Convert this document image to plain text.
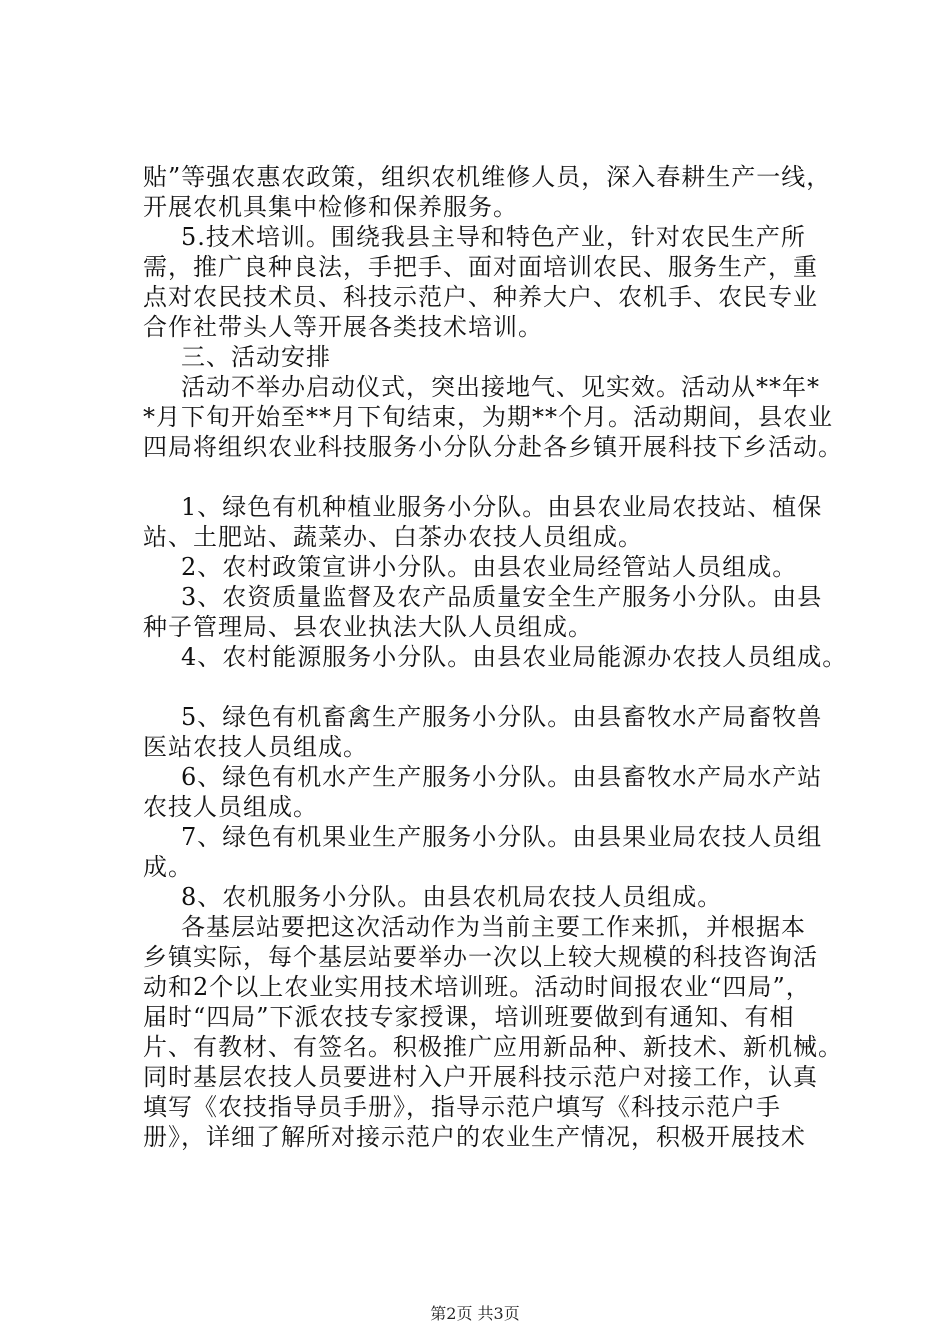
贴”等强农惠农政策，组织农机维修人员，深入春耕生产一线，
开展农机具集中检修和保养服务。
5.技术培训。围绕我县主导和特色产业，针对农民生产所
需，推广良种良法，手把手、面对面培训农民、服务生产，重
点对农民技术员、科技示范户、种养大户、农机手、农民专业
合作社带头人等开展各类技术培训。
三、活动安排
活动不举办启动仪式，突出接地气、见实效。活动从**年*
*月下旬开始至**月下旬结束，为期**个月。活动期间，县农业
四局将组织农业科技服务小分队分赴各乡镇开展科技下乡活动。
1、绿色有机种植业服务小分队。由县农业局农技站、植保
站、土肥站、蔬菜办、白茶办农技人员组成。
2、农村政策宣讲小分队。由县农业局经管站人员组成。
3、农资质量监督及农产品质量安全生产服务小分队。由县
种子管理局、县农业执法大队人员组成。
4、农村能源服务小分队。由县农业局能源办农技人员组成。
5、绿色有机畜禽生产服务小分队。由县畜牧水产局畜牧兽
医站农技人员组成。
6、绿色有机水产生产服务小分队。由县畜牧水产局水产站
农技人员组成。
7、绿色有机果业生产服务小分队。由县果业局农技人员组
成。
8、农机服务小分队。由县农机局农技人员组成。
各基层站要把这次活动作为当前主要工作来抓，并根据本
乡镇实际，每个基层站要举办一次以上较大规模的科技咨询活
动和2个以上农业实用技术培训班。活动时间报农业“四局”，
届时“四局”下派农技专家授课，培训班要做到有通知、有相
片、有教材、有签名。积极推广应用新品种、新技术、新机械。
同时基层农技人员要进村入户开展科技示范户对接工作，认真
填写《农技指导员手册》，指导示范户填写《科技示范户手
册》，详细了解所对接示范户的农业生产情况，积极开展技术
第2页 共3页
